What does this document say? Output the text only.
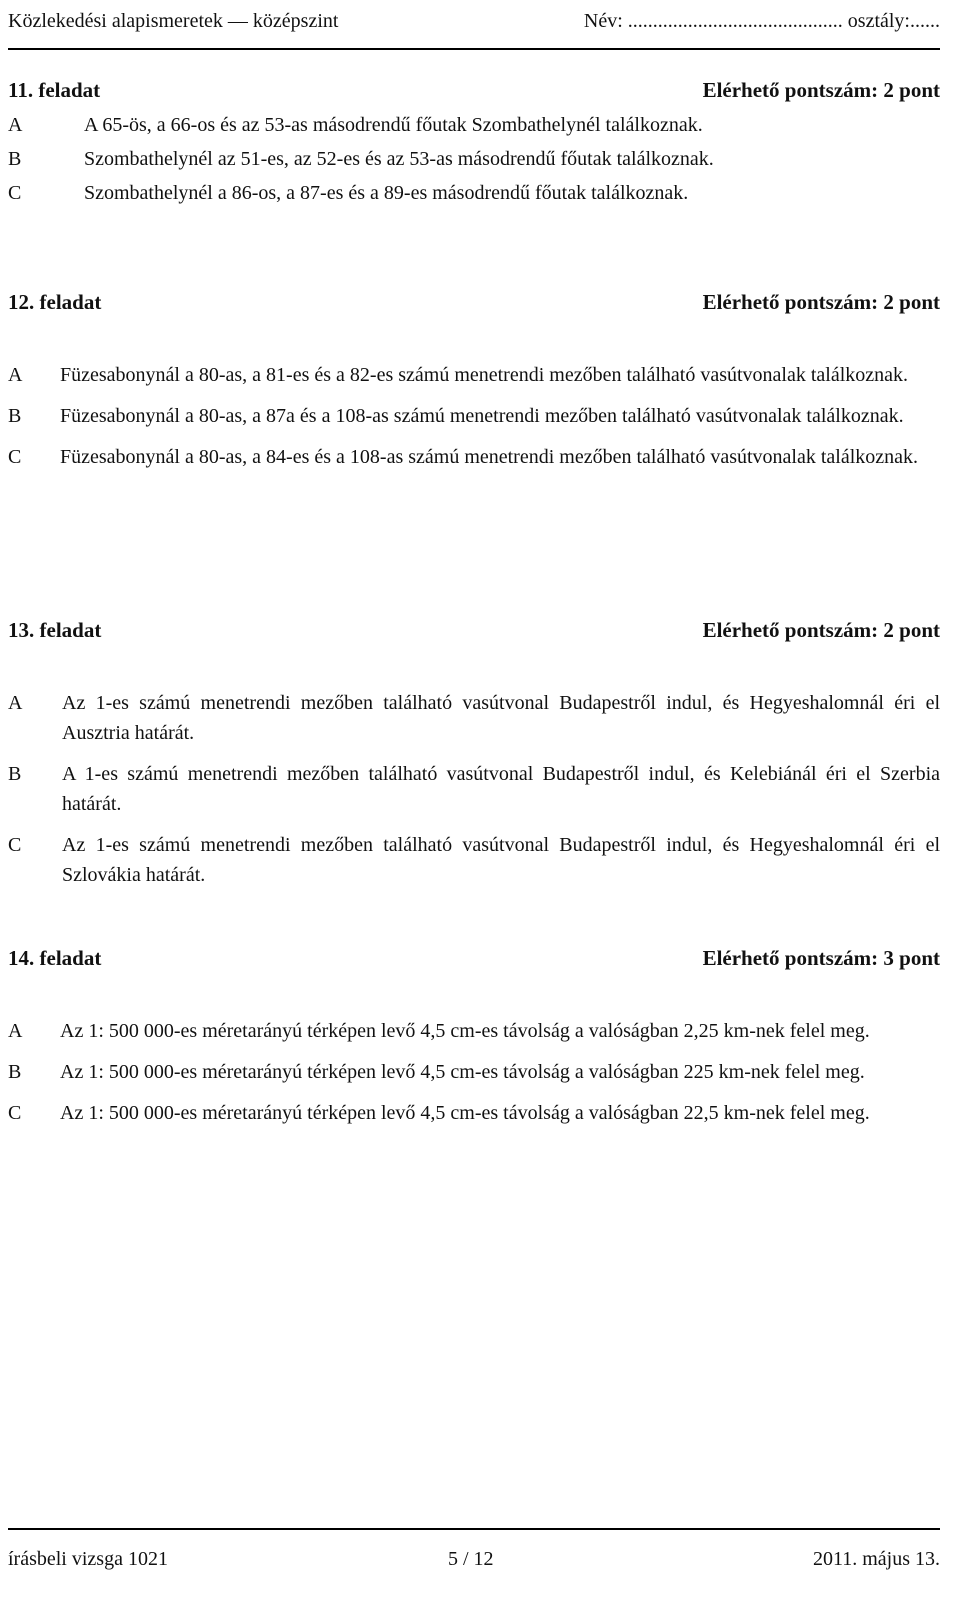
Közlekedési alapismeretek — középszint	Név: ........................................... osztály:......
11. feladat	Elérhető pontszám: 2 pont
A	A 65-ös, a 66-os és az 53-as másodrendű főutak Szombathelynél találkoznak.
B	Szombathelynél az 51-es, az 52-es és az 53-as másodrendű főutak találkoznak.
C	Szombathelynél a 86-os, a 87-es és a 89-es másodrendű főutak találkoznak.
12. feladat	Elérhető pontszám: 2 pont
A Füzesabonynál a 80-as, a 81-es és a 82-es számú menetrendi mezőben található vasútvonalak találkoznak.
B Füzesabonynál a 80-as, a 87a és a 108-as számú menetrendi mezőben található vasútvonalak találkoznak.
C Füzesabonynál a 80-as, a 84-es és a 108-as számú menetrendi mezőben található vasútvonalak találkoznak.
13. feladat	Elérhető pontszám: 2 pont
A Az 1-es számú menetrendi mezőben található vasútvonal Budapestről indul, és Hegyeshalomnál éri el Ausztria határát.
B A 1-es számú menetrendi mezőben található vasútvonal Budapestről indul, és Kelebiánál éri el Szerbia határát.
C Az 1-es számú menetrendi mezőben található vasútvonal Budapestről indul, és Hegyeshalomnál éri el Szlovákia határát.
14. feladat	Elérhető pontszám: 3 pont
A Az 1: 500 000-es méretarányú térképen levő 4,5 cm-es távolság a valóságban 2,25 km-nek felel meg.
B Az 1: 500 000-es méretarányú térképen levő 4,5 cm-es távolság a valóságban 225 km-nek felel meg.
C Az 1: 500 000-es méretarányú térképen levő 4,5 cm-es távolság a valóságban 22,5 km-nek felel meg.
írásbeli vizsga 1021	5 / 12	2011. május 13.
